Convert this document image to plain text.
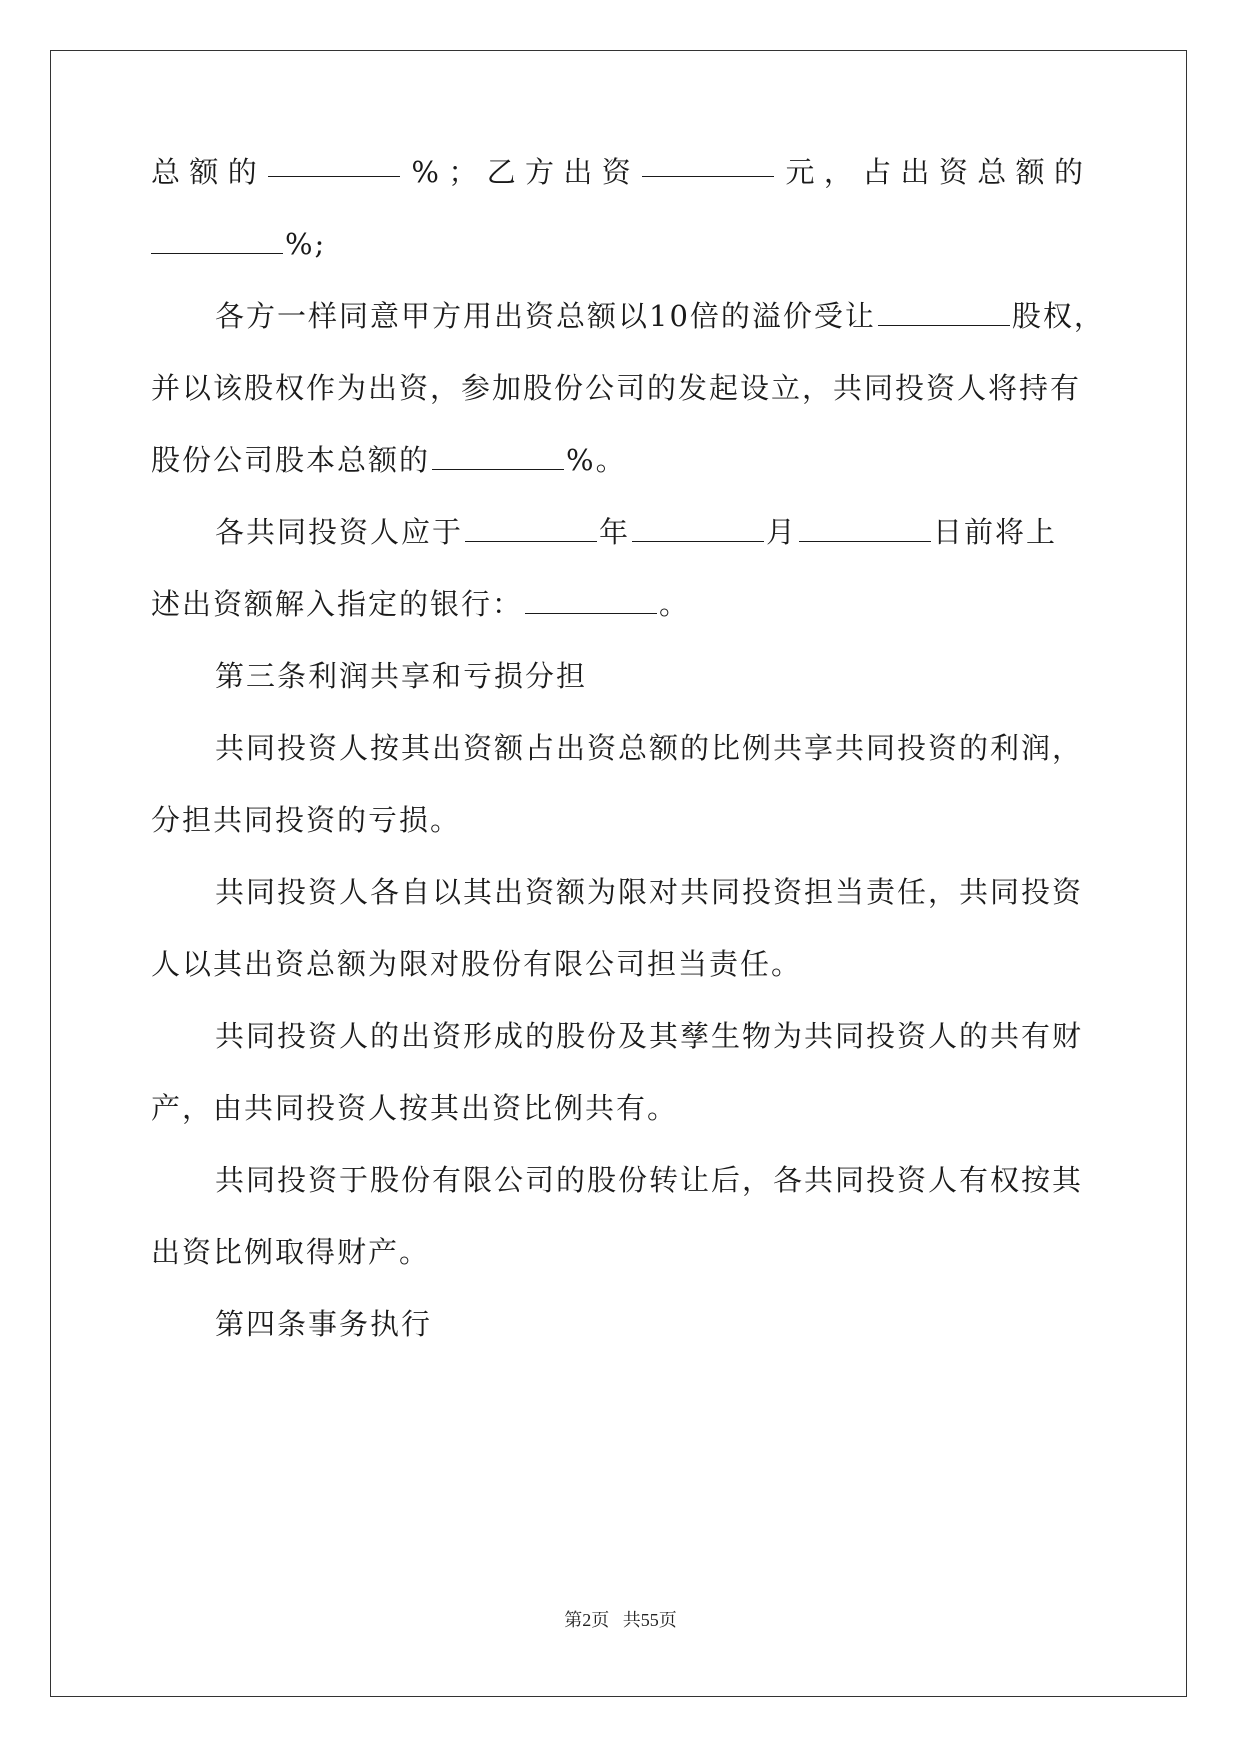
总 额 的	% ； 乙 方 出 资	元 ， 占 出 资 总 额 的
%;
各方一样同意甲方用出资总额以10倍的溢价受让	股权，
并以该股权作为出资，参加股份公司的发起设立，共同投资人将持有
股份公司股本总额的	%。
各共同投资人应于	年	月	日前将上
述出资额解入指定的银行：	。
第三条利润共享和亏损分担
共同投资人按其出资额占出资总额的比例共享共同投资的利润，
分担共同投资的亏损。
共同投资人各自以其出资额为限对共同投资担当责任，共同投资
人以其出资总额为限对股份有限公司担当责任。
共同投资人的出资形成的股份及其孳生物为共同投资人的共有财
产，由共同投资人按其出资比例共有。
共同投资于股份有限公司的股份转让后，各共同投资人有权按其
出资比例取得财产。
第四条事务执行
第2页 共55页
